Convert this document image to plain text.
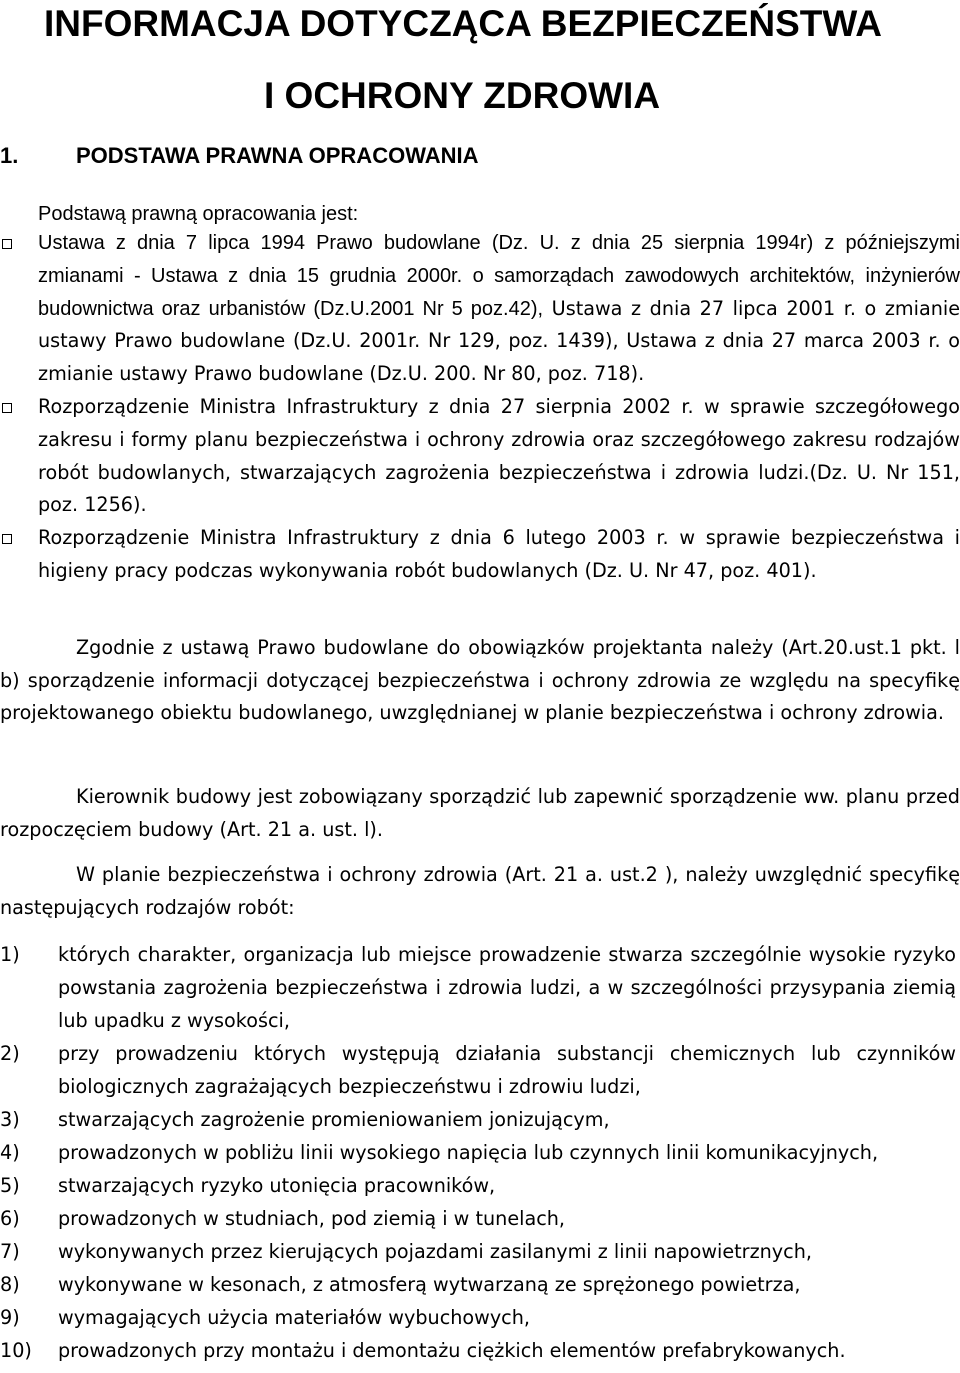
INFORMACJA DOTYCZĄCA BEZPIECZEŃSTWA
I OCHRONY ZDROWIA
1.	PODSTAWA PRAWNA OPRACOWANIA
Podstawą prawną opracowania jest:
Ustawa z dnia 7 lipca 1994 Prawo budowlane (Dz. U. z dnia 25 sierpnia 1994r) z późniejszymi zmianami - Ustawa z dnia 15 grudnia 2000r. o samorządach zawodowych architektów, inżynierów budownictwa oraz urbanistów (Dz.U.2001 Nr 5 poz.42), Ustawa z dnia 27 lipca 2001 r. o zmianie ustawy Prawo budowlane (Dz.U. 2001r. Nr 129, poz. 1439), Ustawa z dnia 27 marca 2003 r. o zmianie ustawy Prawo budowlane (Dz.U. 200. Nr 80, poz. 718).
Rozporządzenie Ministra Infrastruktury z dnia 27 sierpnia 2002 r. w sprawie szczegółowego zakresu i formy planu bezpieczeństwa i ochrony zdrowia oraz szczegółowego zakresu rodzajów robót budowlanych, stwarzających zagrożenia bezpieczeństwa i zdrowia ludzi.(Dz. U. Nr 151, poz. 1256).
Rozporządzenie Ministra Infrastruktury z dnia 6 lutego 2003 r. w sprawie bezpieczeństwa i higieny pracy podczas wykonywania robót budowlanych (Dz. U. Nr 47, poz. 401).
Zgodnie z ustawą Prawo budowlane do obowiązków projektanta należy (Art.20.ust.1 pkt. l b) sporządzenie informacji dotyczącej bezpieczeństwa i ochrony zdrowia ze względu na specyfikę projektowanego obiektu budowlanego, uwzględnianej w planie bezpieczeństwa i ochrony zdrowia.
Kierownik budowy jest zobowiązany sporządzić lub zapewnić sporządzenie ww. planu przed rozpoczęciem budowy (Art. 21 a. ust. l).
W planie bezpieczeństwa i ochrony zdrowia (Art. 21 a. ust.2 ), należy uwzględnić specyfikę następujących rodzajów robót:
1) których charakter, organizacja lub miejsce prowadzenie stwarza szczególnie wysokie ryzyko powstania zagrożenia bezpieczeństwa i zdrowia ludzi, a w szczególności przysypania ziemią lub upadku z wysokości,
2) przy prowadzeniu których występują działania substancji chemicznych lub czynników biologicznych zagrażających bezpieczeństwu i zdrowiu ludzi,
3) stwarzających zagrożenie promieniowaniem jonizującym,
4) prowadzonych w pobliżu linii wysokiego napięcia lub czynnych linii komunikacyjnych,
5) stwarzających ryzyko utonięcia pracowników,
6) prowadzonych w studniach, pod ziemią i w tunelach,
7) wykonywanych przez kierujących pojazdami zasilanymi z linii napowietrznych,
8) wykonywane w kesonach, z atmosferą wytwarzaną ze sprężonego powietrza,
9) wymagających użycia materiałów wybuchowych,
10) prowadzonych przy montażu i demontażu ciężkich elementów prefabrykowanych.
